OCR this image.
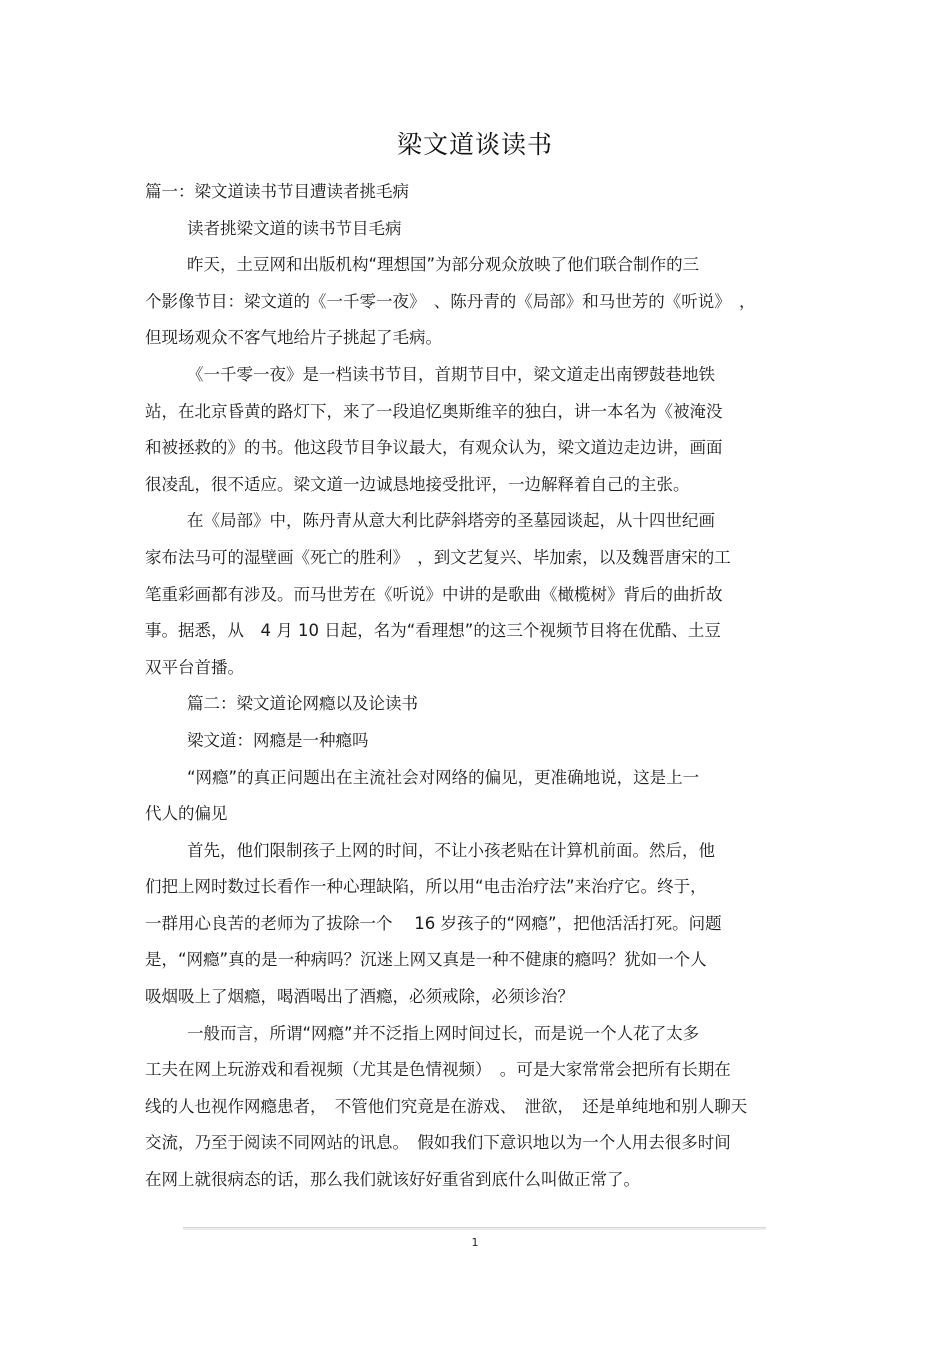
梁文道谈读书
篇一：梁文道读书节目遭读者挑毛病
读者挑梁文道的读书节目毛病
昨天，土豆网和出版机构“理想国”为部分观众放映了他们联合制作的三
个影像节目：梁文道的《一千零一夜》　、陈丹青的《局部》和马世芳的《听说》　，
但现场观众不客气地给片子挑起了毛病。
《一千零一夜》是一档读书节目，首期节目中，梁文道走出南锣鼓巷地铁
站，在北京昏黄的路灯下，来了一段追忆奥斯维辛的独白，讲一本名为《被淹没
和被拯救的》的书。他这段节目争议最大，有观众认为，梁文道边走边讲，画面
很凌乱，很不适应。梁文道一边诚恳地接受批评，一边解释着自己的主张。
在《局部》中，陈丹青从意大利比萨斜塔旁的圣墓园谈起，从十四世纪画
家布法马可的湿壁画《死亡的胜利》　，到文艺复兴、毕加索，以及魏晋唐宋的工
笔重彩画都有涉及。而马世芳在《听说》中讲的是歌曲《橄榄树》背后的曲折故
事。据悉，从　4 月 10 日起，名为“看理想”的这三个视频节目将在优酷、土豆
双平台首播。
篇二：梁文道论网瘾以及论读书
梁文道：网瘾是一种瘾吗
“网瘾”的真正问题出在主流社会对网络的偏见，更准确地说，这是上一
代人的偏见
首先，他们限制孩子上网的时间，不让小孩老贴在计算机前面。然后，他
们把上网时数过长看作一种心理缺陷，所以用“电击治疗法”来治疗它。终于，
一群用心良苦的老师为了拔除一个　 16 岁孩子的“网瘾”，把他活活打死。问题
是，“网瘾”真的是一种病吗？沉迷上网又真是一种不健康的瘾吗？犹如一个人
吸烟吸上了烟瘾，喝酒喝出了酒瘾，必须戒除，必须诊治？
一般而言，所谓“网瘾”并不泛指上网时间过长，而是说一个人花了太多
工夫在网上玩游戏和看视频（尤其是色情视频）　。可是大家常常会把所有长期在
线的人也视作网瘾患者，　不管他们究竟是在游戏、　泄欲，　还是单纯地和别人聊天
交流，乃至于阅读不同网站的讯息。　假如我们下意识地以为一个人用去很多时间
在网上就很病态的话，那么我们就该好好重省到底什么叫做正常了。
1
